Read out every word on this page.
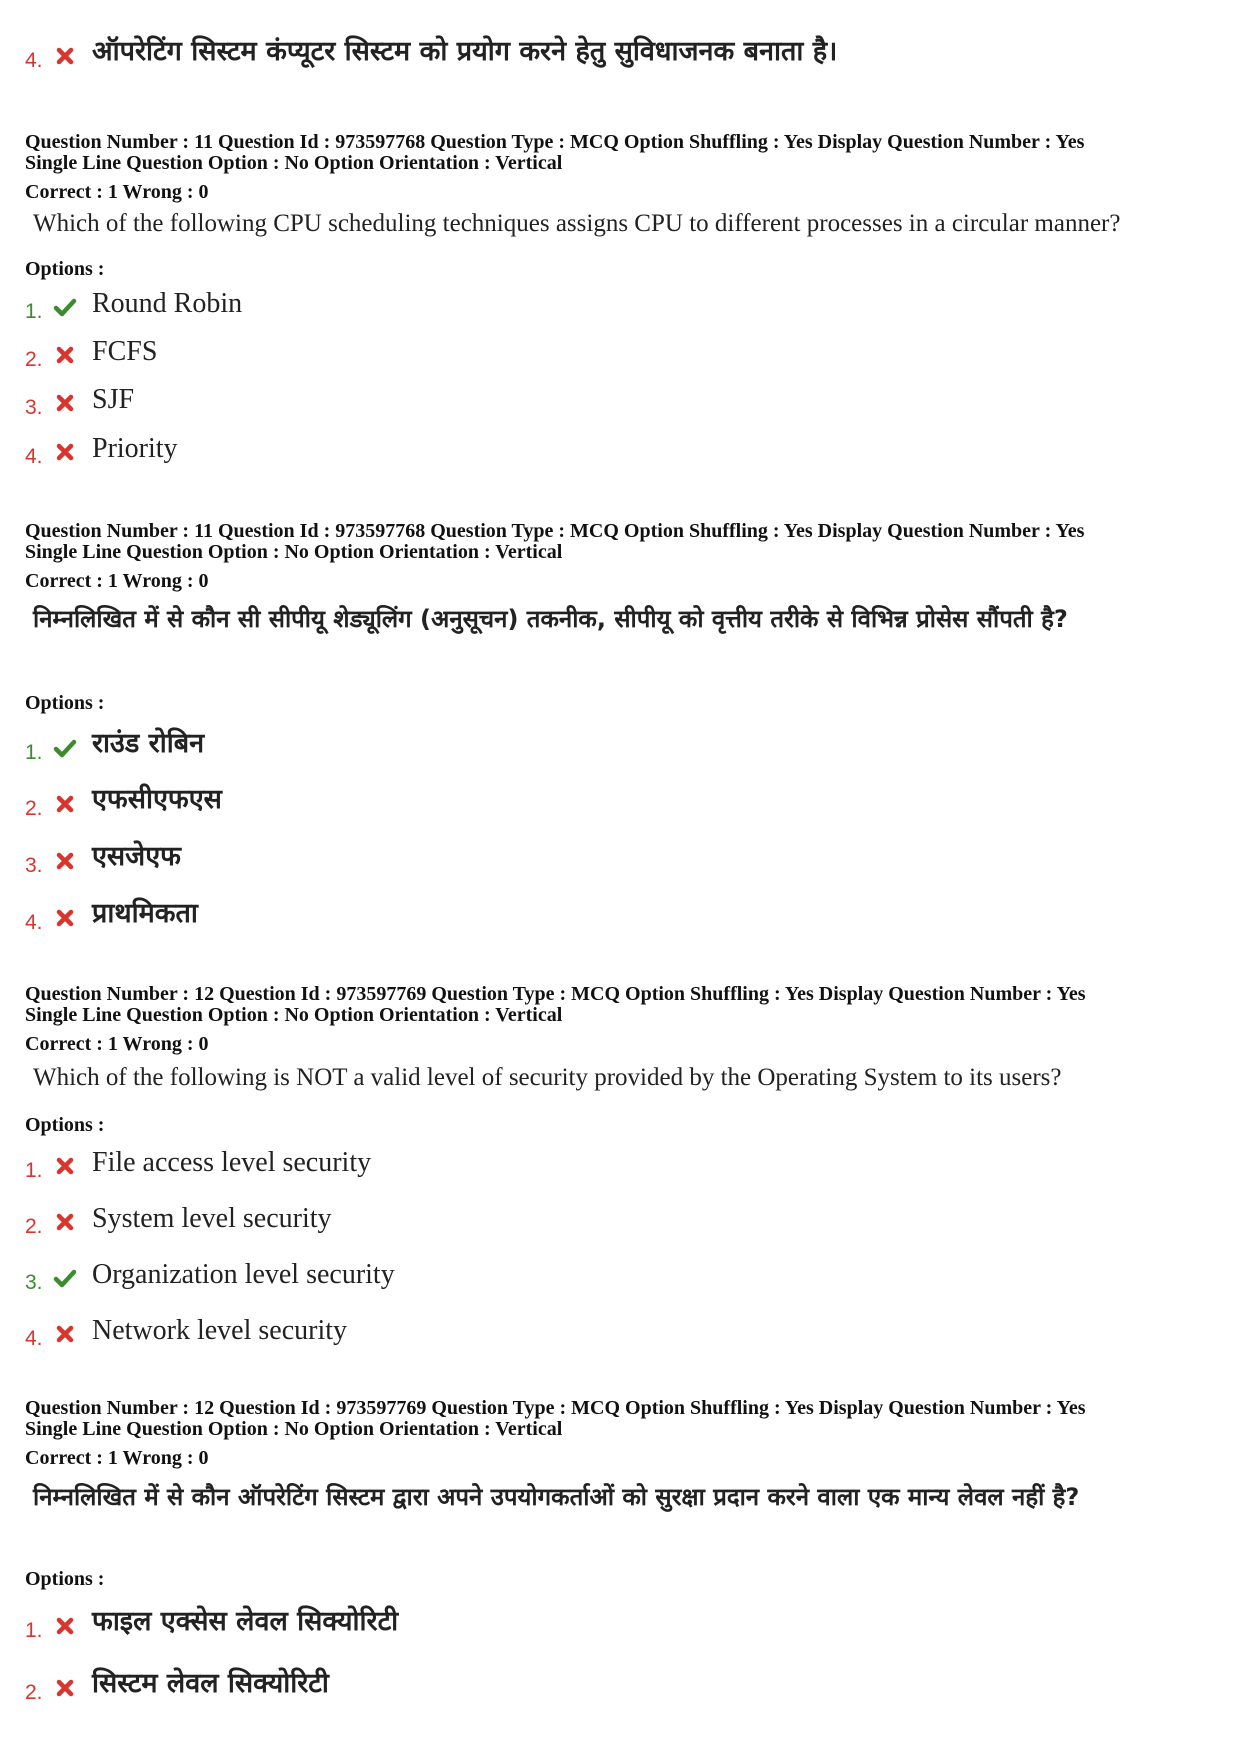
4. ऑपरेटिंग सिस्टम कंप्यूटर सिस्टम को प्रयोग करने हेतु सुविधाजनक बनाता है।
Question Number : 11 Question Id : 973597768 Question Type : MCQ Option Shuffling : Yes Display Question Number : Yes
Single Line Question Option : No Option Orientation : Vertical
Correct : 1 Wrong : 0
Which of the following CPU scheduling techniques assigns CPU to different processes in a circular manner?
Options :
1. Round Robin
2. FCFS
3. SJF
4. Priority
Question Number : 11 Question Id : 973597768 Question Type : MCQ Option Shuffling : Yes Display Question Number : Yes
Single Line Question Option : No Option Orientation : Vertical
Correct : 1 Wrong : 0
निम्नलिखित में से कौन सी सीपीयू शेड्यूलिंग (अनुसूचन) तकनीक, सीपीयू को वृत्तीय तरीके से विभिन्न प्रोसेस सौंपती है?
Options :
1. राउंड रोबिन
2. एफसीएफएस
3. एसजेएफ
4. प्राथमिकता
Question Number : 12 Question Id : 973597769 Question Type : MCQ Option Shuffling : Yes Display Question Number : Yes
Single Line Question Option : No Option Orientation : Vertical
Correct : 1 Wrong : 0
Which of the following is NOT a valid level of security provided by the Operating System to its users?
Options :
1. File access level security
2. System level security
3. Organization level security
4. Network level security
Question Number : 12 Question Id : 973597769 Question Type : MCQ Option Shuffling : Yes Display Question Number : Yes
Single Line Question Option : No Option Orientation : Vertical
Correct : 1 Wrong : 0
निम्नलिखित में से कौन ऑपरेटिंग सिस्टम द्वारा अपने उपयोगकर्ताओं को सुरक्षा प्रदान करने वाला एक मान्य लेवल नहीं है?
Options :
1. फाइल एक्सेस लेवल सिक्योरिटी
2. सिस्टम लेवल सिक्योरिटी
